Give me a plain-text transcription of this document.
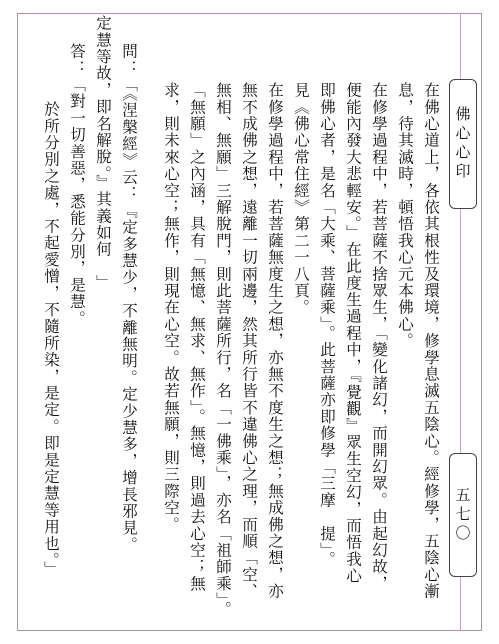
佛心心印
五七〇
在佛心道上，各依其根性及環境，修學息滅五陰心。經修學，五陰心漸
息，待其滅時，頓悟我心元本佛心。
在修學過程中，若菩薩不捨眾生，「變化諸幻，而開幻眾。由起幻故，
便能內發大悲輕安。」在此度生過程中，『覺觀』眾生空幻，而悟我心
即佛心者，是名「大乘、菩薩乘」。此菩薩亦即修學「三摩　提」。
見《佛心常住經》第二一八頁。
在修學過程中，若菩薩無度生之想，亦無不度生之想；無成佛之想，亦
無不成佛之想，遠離一切兩邊，然其所行皆不違佛心之理，而順「空、
無相、無願」三解脫門，則此菩薩所行，名「一佛乘」，亦名「祖師乘」。
「無願」之內涵，具有「無憶、無求、無作」。無憶，則過去心空；無
求，則未來心空；無作，則現在心空。故若無願，則三際空。
問：「《涅槃經》云：『定多慧少，不離無明。定少慧多，增長邪見。
定慧等故，即名解脫。』其義如何　」
答：「對一切善惡，悉能分別，是慧。
於所分別之處，不起愛憎，不隨所染，是定。即是定慧等用也。」
